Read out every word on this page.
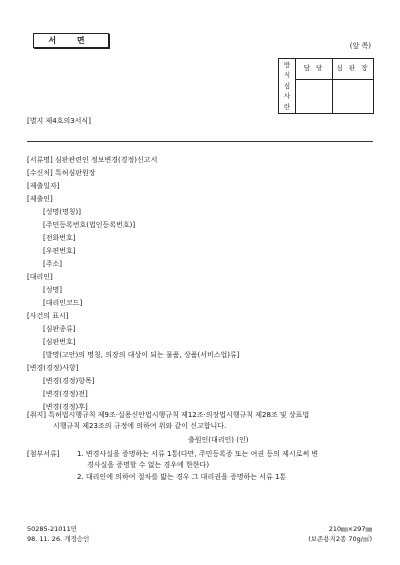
서 면
(앞 쪽)
방
식
심
사
란	담 당	심 판 장

[별지 제4호의3서식]
[서류명] 심판관련인 정보변경(경정)신고서
[수신처] 특허심판원장
[제출일자]
[제출인]
[성명(명칭)]
[주민등록번호(법인등록번호)]
[전화번호]
[우편번호]
[주소]
[대리인]
[성명]
[대리인코드]
[사건의 표시]
[심판종류]
[심판번호]
[발명(고안)의 명칭, 의장의 대상이 되는 물품, 상품(서비스업)류]
[변경(경정)사항]
[변경(경정)항목]
[변경(경정)전]
[변경(경정)후]
[취지] 특허법시행규칙 제9조·실용신안법시행규칙 제12조·의장법시행규칙 제28조 및 상표법
시행규칙 제23조의 규정에 의하여 위와 같이 신고합니다.
출원인(대리인) (인)
[첨부서류] 1. 변경사실을 증명하는 서류 1통(다만, 주민등록증 또는 여권 등의 제시로써 변
경사실을 증명할 수 없는 경우에 한한다)
2. 대리인에 의하여 절차를 밟는 경우 그 대리권을 증명하는 서류 1통
50285-21011민
98. 11. 26. 개정승인
210㎜×297㎜
(보존용지2종 70g/㎡)
